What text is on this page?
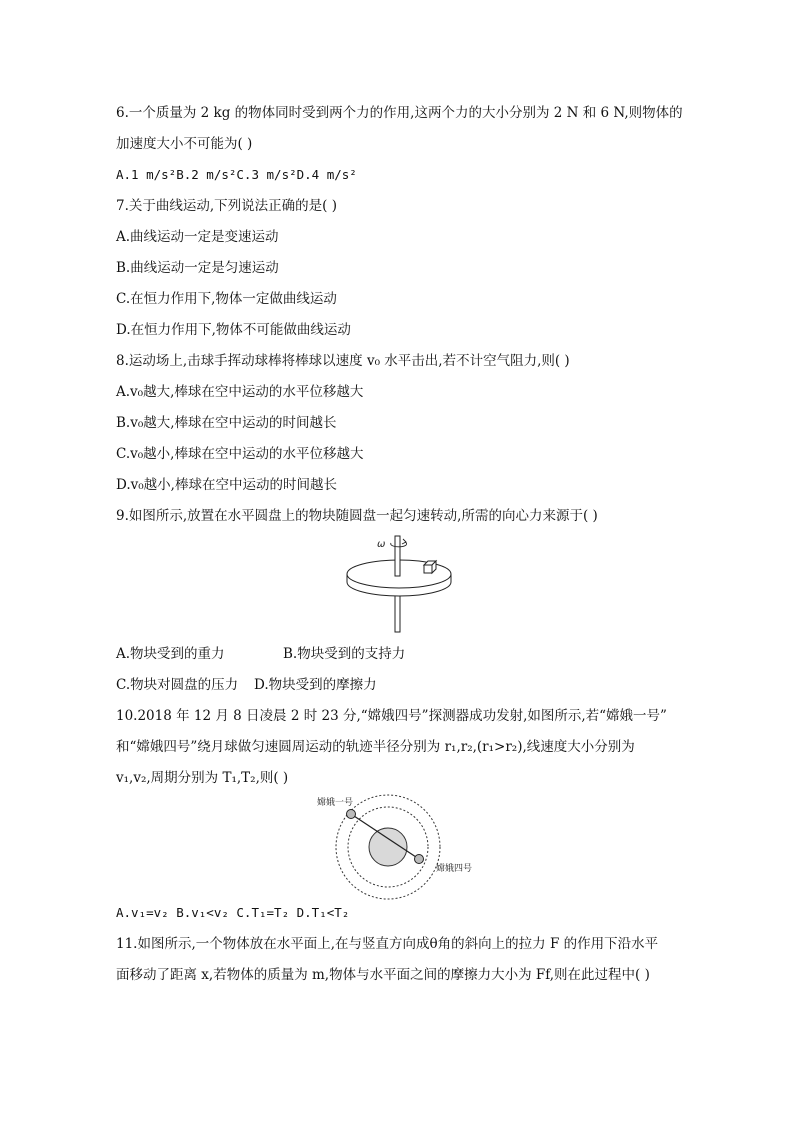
6.一个质量为 2 kg 的物体同时受到两个力的作用,这两个力的大小分别为 2 N 和 6 N,则物体的
加速度大小不可能为( )
A.1 m/s²B.2 m/s²C.3 m/s²D.4 m/s²
7.关于曲线运动,下列说法正确的是( )
A.曲线运动一定是变速运动
B.曲线运动一定是匀速运动
C.在恒力作用下,物体一定做曲线运动
D.在恒力作用下,物体不可能做曲线运动
8.运动场上,击球手挥动球棒将棒球以速度 v₀ 水平击出,若不计空气阻力,则( )
A.v₀越大,棒球在空中运动的水平位移越大
B.v₀越大,棒球在空中运动的时间越长
C.v₀越小,棒球在空中运动的水平位移越大
D.v₀越小,棒球在空中运动的时间越长
9.如图所示,放置在水平圆盘上的物块随圆盘一起匀速转动,所需的向心力来源于( )
ω
A.物块受到的重力	B.物块受到的支持力
C.物块对圆盘的压力 D.物块受到的摩擦力
10.2018 年 12 月 8 日凌晨 2 时 23 分,“嫦娥四号”探测器成功发射,如图所示,若“嫦娥一号”
和“嫦娥四号”绕月球做匀速圆周运动的轨迹半径分别为 r₁,r₂,(r₁>r₂),线速度大小分别为
v₁,v₂,周期分别为 T₁,T₂,则( )
嫦娥一号
嫦娥四号
A.v₁=v₂ B.v₁<v₂ C.T₁=T₂ D.T₁<T₂
11.如图所示,一个物体放在水平面上,在与竖直方向成θ角的斜向上的拉力 F 的作用下沿水平
面移动了距离 x,若物体的质量为 m,物体与水平面之间的摩擦力大小为 Ff,则在此过程中( )
